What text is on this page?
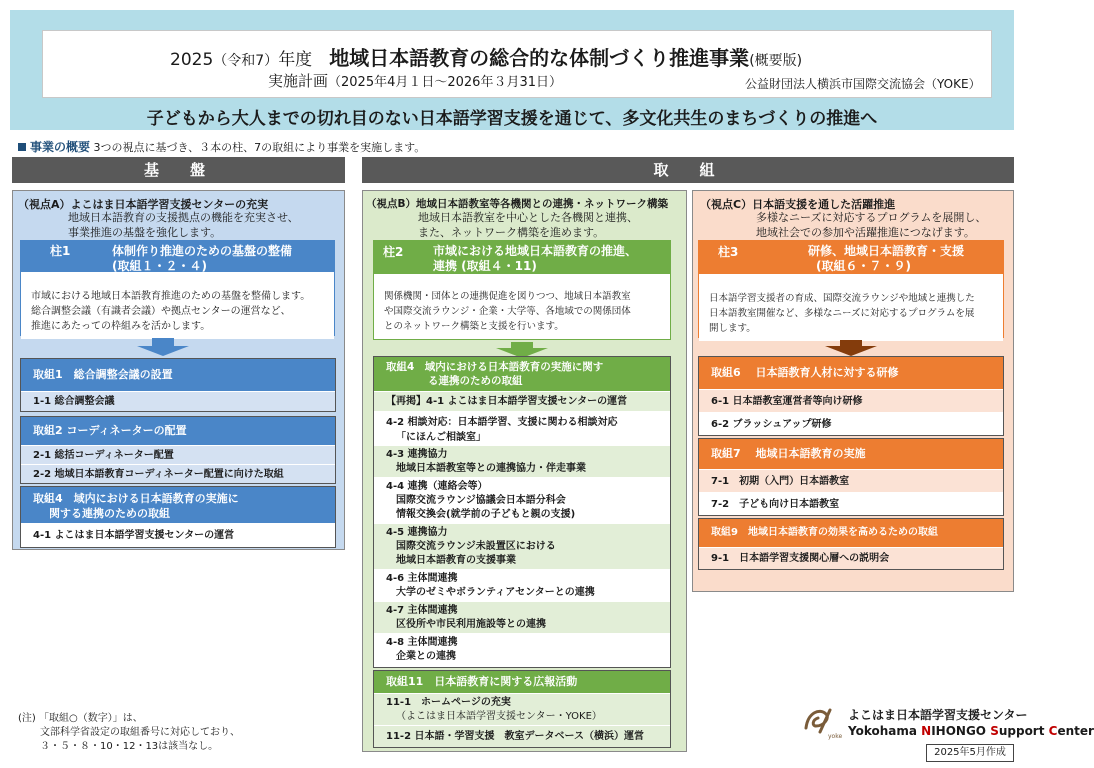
2025（令和7）年度　 地域日本語教育の総合的な体制づくり推進事業(概要版)
実施計画（2025年4月１日〜2026年３月31日）	公益財団法人横浜市国際交流協会（YOKE）
子どもから大人までの切れ目のない日本語学習支援を通じて、多文化共生のまちづくりの推進へ
事業の概要 3つの視点に基づき、３本の柱、7の取組により事業を実施します。
基　盤	取　組
（視点A）よこはま日本語学習支援センターの充実
地域日本語教育の支援拠点の機能を充実させ、
事業推進の基盤を強化します。
柱1	体制作り推進のための基盤の整備
(取組１・２・４)
市域における地域日本語教育推進のための基盤を整備します。
総合調整会議（有識者会議）や拠点センターの運営など、
推進にあたっての枠組みを活かします。
取組1　総合調整会議の設置
1-1 総合調整会議
取組2 コーディネーターの配置
2-1 総括コーディネーター配置
2-2 地域日本語教育コーディネーター配置に向けた取組
取組4　域内における日本語教育の実施に
関する連携のための取組
4-1 よこはま日本語学習支援センターの運営
（視点B）地域日本語教室等各機関との連携・ネットワーク構築
地域日本語教室を中心とした各機関と連携、
また、ネットワーク構築を進めます。
柱2 市域における地域日本語教育の推進、
連携 (取組４・11)
関係機関・団体との連携促進を図りつつ、地域日本語教室
や国際交流ラウンジ・企業・大学等、各地域での関係団体
とのネットワーク構築と支援を行います。
取組4　域内における日本語教育の実施に関す
る連携のための取組
【再掲】4-1 よこはま日本語学習支援センターの運営
4-2 相談対応：日本語学習、支援に関わる相談対応
「にほんご相談室」
4-3 連携協力
地域日本語教室等との連携協力・伴走事業
4-4 連携（連絡会等）
国際交流ラウンジ協議会日本語分科会
情報交換会(就学前の子どもと親の支援)
4-5 連携協力
国際交流ラウンジ未設置区における
地域日本語教育の支援事業
4-6 主体間連携
大学のゼミやボランティアセンターとの連携
4-7 主体間連携
区役所や市民利用施設等との連携
4-8 主体間連携
企業との連携
取組11　日本語教育に関する広報活動
11-1　ホームページの充実
（よこはま日本語学習支援センター・YOKE）
11-2 日本語・学習支援　教室データベース（横浜）運営
（視点C）日本語支援を通した活躍推進
多様なニーズに対応するプログラムを展開し、
地域社会での参加や活躍推進につなげます。
柱3	研修、地域日本語教育・支援
(取組６・７・９)
日本語学習支援者の育成、国際交流ラウンジや地域と連携した
日本語教室開催など、多様なニーズに対応するプログラムを展
開します。
取組6　 日本語教育人材に対する研修
6-1 日本語教室運営者等向け研修
6-2 ブラッシュアップ研修
取組7　 地域日本語教育の実施
7-1　初期（入門）日本語教室
7-2　子ども向け日本語教室
取組9　地域日本語教育の効果を高めるための取組
9-1　日本語学習支援関心層への説明会
(注) 「取組○（数字）」は、
文部科学省設定の取組番号に対応しており、
３・５・８・10・12・13は該当なし。
yoke
よこはま日本語学習支援センター
Yokohama NIHONGO Support Center
2025年5月作成
